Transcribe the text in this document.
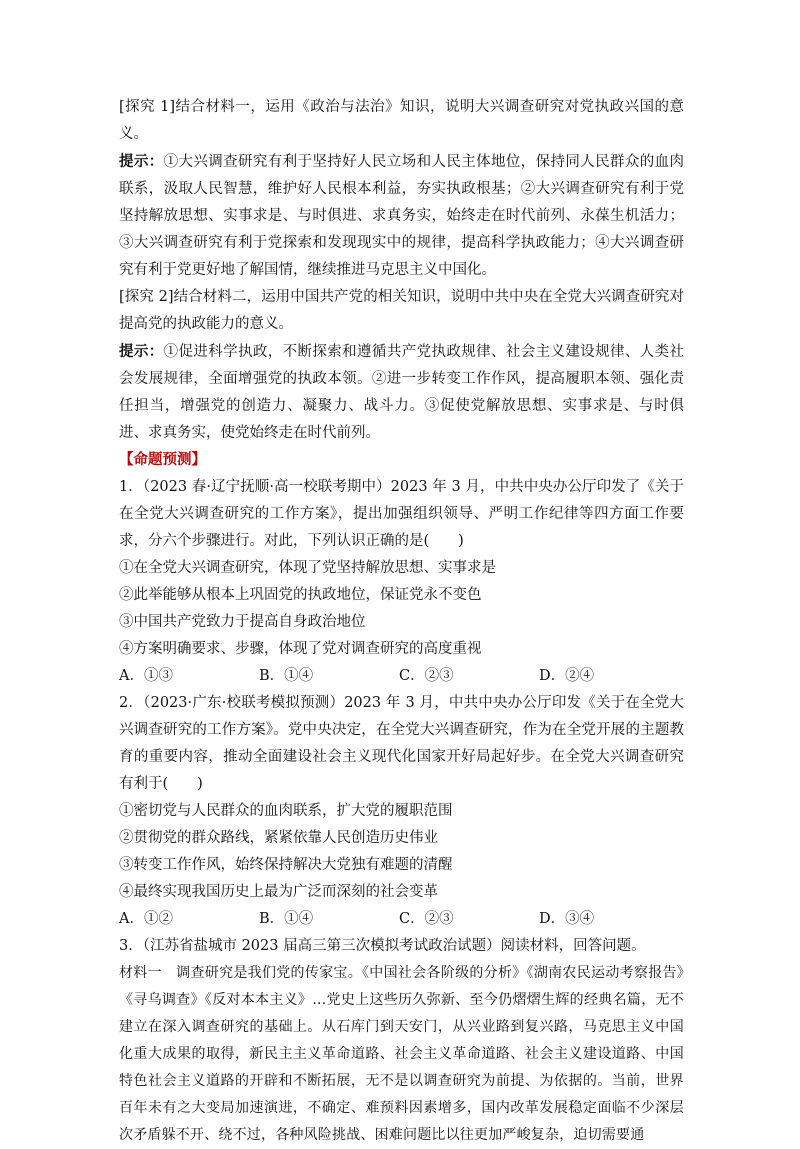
[探究 1]结合材料一，运用《政治与法治》知识，说明大兴调查研究对党执政兴国的意义。

提示：①大兴调查研究有利于坚持好人民立场和人民主体地位，保持同人民群众的血肉联系，汲取人民智慧，维护好人民根本利益，夯实执政根基；②大兴调查研究有利于党坚持解放思想、实事求是、与时俱进、求真务实，始终走在时代前列、永葆生机活力；③大兴调查研究有利于党探索和发现现实中的规律，提高科学执政能力；④大兴调查研究有利于党更好地了解国情，继续推进马克思主义中国化。

[探究 2]结合材料二，运用中国共产党的相关知识，说明中共中央在全党大兴调查研究对提高党的执政能力的意义。

提示：①促进科学执政，不断探索和遵循共产党执政规律、社会主义建设规律、人类社会发展规律，全面增强党的执政本领。②进一步转变工作作风，提高履职本领、强化责任担当，增强党的创造力、凝聚力、战斗力。③促使党解放思想、实事求是、与时俱进、求真务实，使党始终走在时代前列。

【命题预测】

1．（2023 春·辽宁抚顺·高一校联考期中）2023 年 3 月，中共中央办公厅印发了《关于在全党大兴调查研究的工作方案》，提出加强组织领导、严明工作纪律等四方面工作要求，分六个步骤进行。对此，下列认识正确的是(　　)

①在全党大兴调查研究，体现了党坚持解放思想、实事求是

②此举能够从根本上巩固党的执政地位，保证党永不变色

③中国共产党致力于提高自身政治地位

④方案明确要求、步骤，体现了党对调查研究的高度重视

A．①③	B．①④	C．②③	D．②④

2．（2023·广东·校联考模拟预测）2023 年 3 月，中共中央办公厅印发《关于在全党大兴调查研究的工作方案》。党中央决定，在全党大兴调查研究，作为在全党开展的主题教育的重要内容，推动全面建设社会主义现代化国家开好局起好步。在全党大兴调查研究有利于(　　)

①密切党与人民群众的血肉联系，扩大党的履职范围

②贯彻党的群众路线，紧紧依靠人民创造历史伟业

③转变工作作风，始终保持解决大党独有难题的清醒

④最终实现我国历史上最为广泛而深刻的社会变革

A．①②	B．①④	C．②③	D．③④

3．（江苏省盐城市 2023 届高三第三次模拟考试政治试题）阅读材料，回答问题。

材料一　调查研究是我们党的传家宝。《中国社会各阶级的分析》《湖南农民运动考察报告》《寻乌调查》《反对本本主义》…党史上这些历久弥新、至今仍熠熠生辉的经典名篇，无不建立在深入调查研究的基础上。从石库门到天安门，从兴业路到复兴路，马克思主义中国化重大成果的取得，新民主主义革命道路、社会主义革命道路、社会主义建设道路、中国特色社会主义道路的开辟和不断拓展，无不是以调查研究为前提、为依据的。当前，世界百年未有之大变局加速演进，不确定、难预料因素增多，国内改革发展稳定面临不少深层次矛盾躲不开、绕不过，各种风险挑战、困难问题比以往更加严峻复杂，迫切需要通
